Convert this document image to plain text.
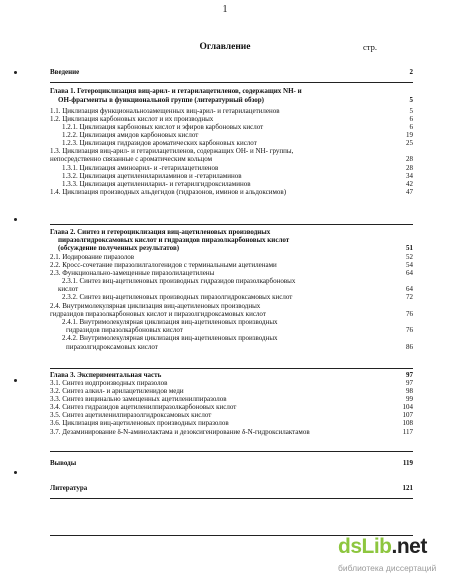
1
Оглавление	стр.
Введение	2
Глава 1. Гетероциклизация виц-арил- и гетарилацетиленов, содержащих NH- и
OH-фрагменты в функциональной группе (литературный обзор)	5
1.1. Циклизация функциональнозамещенных виц-арил- и гетарилацетиленов	5
1.2. Циклизация карбоновых кислот и их производных	6
1.2.1. Циклизация карбоновых кислот и эфиров карбоновых кислот	6
1.2.2. Циклизация амидов карбоновых кислот	19
1.2.3. Циклизация гидразидов ароматических карбоновых кислот	25
1.3. Циклизация виц-арил- и гетарилацетиленов, содержащих OH- и NH- группы,
непосредственно связанные с ароматическим кольцом	28
1.3.1. Циклизация аминоарил- и -гетарилацетиленов	28
1.3.2. Циклизация ацетиленилариламинов и -гетариламинов	34
1.3.3. Циклизация ацетилениларил- и гетарилгидроксиламинов	42
1.4. Циклизация производных альдегидов (гидразонов, иминов и альдоксимов)	47
Глава 2. Синтез и гетероциклизация виц-ацетиленовых производных
пиразолгидроксамовых кислот и гидразидов пиразолкарбоновых кислот
(обсуждение полученных результатов)	51
2.1. Иодирование пиразолов	52
2.2. Кросс-сочетание пиразолилгалогенидов с терминальными ацетиленами	54
2.3. Функционально-замещенные пиразолилацетилены	64
2.3.1. Синтез виц-ацетиленовых производных гидразидов пиразолкарбоновых
кислот	64
2.3.2. Синтез виц-ацетиленовых производных пиразолгидроксамовых кислот	72
2.4. Внутримолекулярная циклизация виц-ацетиленовых производных
гидразидов пиразолкарбоновых кислот и пиразолгидроксамовых кислот	76
2.4.1. Внутримолекулярная циклизация виц-ацетиленовых производных
гидразидов пиразолкарбоновых кислот	76
2.4.2. Внутримолекулярная циклизация виц-ацетиленовых производных
пиразолгидроксамовых кислот	86
Глава 3. Экспериментальная часть	97
3.1. Синтез иодпроизводных пиразолов	97
3.2. Синтез алкил- и арилацетиленидов меди	98
3.3. Синтез вицинально замещенных ацетиленилпиразолов	99
3.4. Синтез гидразидов ацетиленилпиразолкарбоновых кислот	104
3.5. Синтез ацетиленилпиразолгидроксамовых кислот	107
3.6. Циклизация виц-ацетиленовых производных пиразолов	108
3.7. Дезаминирование δ-N-аминолактама и дезоксигенирование δ-N-гидроксилактамов	117
Выводы	119
Литература	121
dsLib.net
библиотека диссертаций
